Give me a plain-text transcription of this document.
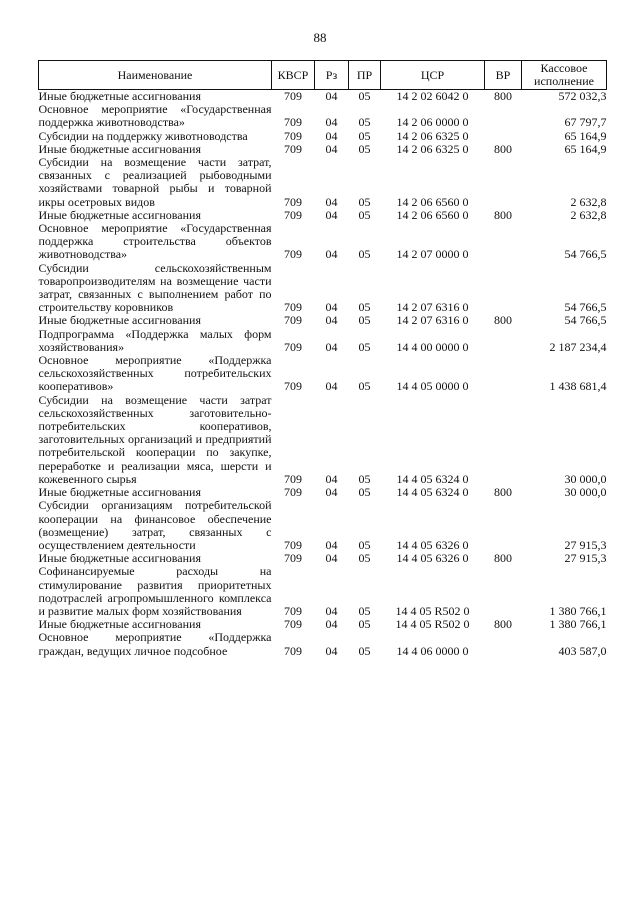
88
Наименование	КВСР	Рз	ПР	ЦСР	ВР	Кассовое исполнение
Иные бюджетные ассигнования	709	04	05	14 2 02 6042 0	800	572 032,3
Основное мероприятие «Государственная поддержка животноводства»	709	04	05	14 2 06 0000 0		67 797,7
Субсидии на поддержку животноводства	709	04	05	14 2 06 6325 0		65 164,9
Иные бюджетные ассигнования	709	04	05	14 2 06 6325 0	800	65 164,9
Субсидии на возмещение части затрат, связанных с реализацией рыбоводными хозяйствами товарной рыбы и товарной икры осетровых видов	709	04	05	14 2 06 6560 0		2 632,8
Иные бюджетные ассигнования	709	04	05	14 2 06 6560 0	800	2 632,8
Основное мероприятие «Государственная поддержка строительства объектов животноводства»	709	04	05	14 2 07 0000 0		54 766,5
Субсидии сельскохозяйственным товаропроизводителям на возмещение части затрат, связанных с выполнением работ по строительству коровников	709	04	05	14 2 07 6316 0		54 766,5
Иные бюджетные ассигнования	709	04	05	14 2 07 6316 0	800	54 766,5
Подпрограмма «Поддержка малых форм хозяйствования»	709	04	05	14 4 00 0000 0		2 187 234,4
Основное мероприятие «Поддержка сельскохозяйственных потребительских кооперативов»	709	04	05	14 4 05 0000 0		1 438 681,4
Субсидии на возмещение части затрат сельскохозяйственных заготовительно-потребительских кооперативов, заготовительных организаций и предприятий потребительской кооперации по закупке, переработке и реализации мяса, шерсти и кожевенного сырья	709	04	05	14 4 05 6324 0		30 000,0
Иные бюджетные ассигнования	709	04	05	14 4 05 6324 0	800	30 000,0
Субсидии организациям потребительской кооперации на финансовое обеспечение (возмещение) затрат, связанных с осуществлением деятельности	709	04	05	14 4 05 6326 0		27 915,3
Иные бюджетные ассигнования	709	04	05	14 4 05 6326 0	800	27 915,3
Софинансируемые расходы на стимулирование развития приоритетных подотраслей агропромышленного комплекса и развитие малых форм хозяйствования	709	04	05	14 4 05 R502 0		1 380 766,1
Иные бюджетные ассигнования	709	04	05	14 4 05 R502 0	800	1 380 766,1
Основное мероприятие «Поддержка граждан, ведущих личное подсобное	709	04	05	14 4 06 0000 0		403 587,0
